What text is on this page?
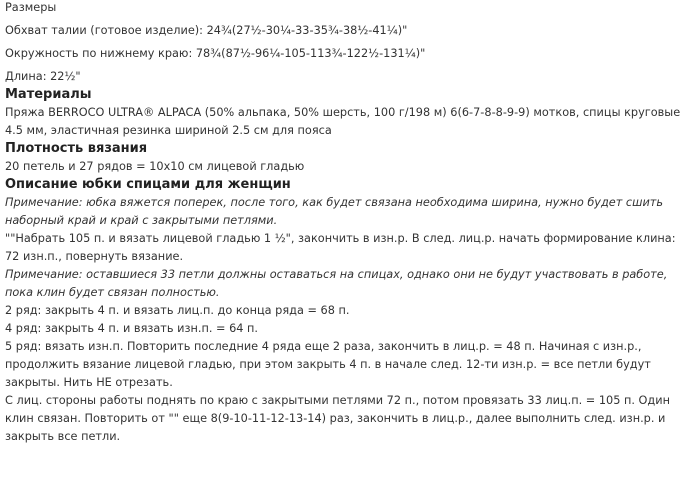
Размеры

Обхват талии (готовое изделие): 24¾(27½-30¼-33-35¾-38½-41¼)"

Окружность по нижнему краю: 78¾(87½-96¼-105-113¾-122½-131¼)"

Длина: 22½"

Материалы

Пряжа BERROCO ULTRA® ALPACA (50% альпака, 50% шерсть, 100 г/198 м) 6(6-7-8-8-9-9) мотков, спицы круговые 4.5 мм, эластичная резинка шириной 2.5 см для пояса

Плотность вязания

20 петель и 27 рядов = 10x10 см лицевой гладью

Описание юбки спицами для женщин

Примечание: юбка вяжется поперек, после того, как будет связана необходима ширина, нужно будет сшить наборный край и край с закрытыми петлями.

""Набрать 105 п. и вязать лицевой гладью 1 ½", закончить в изн.р. В след. лиц.р. начать формирование клина: 72 изн.п., повернуть вязание.

Примечание: оставшиеся 33 петли должны оставаться на спицах, однако они не будут участвовать в работе, пока клин будет связан полностью.

2 ряд: закрыть 4 п. и вязать лиц.п. до конца ряда = 68 п.

4 ряд: закрыть 4 п. и вязать изн.п. = 64 п.

5 ряд: вязать изн.п. Повторить последние 4 ряда еще 2 раза, закончить в лиц.р. = 48 п. Начиная с изн.р., продолжить вязание лицевой гладью, при этом закрыть 4 п. в начале след. 12-ти изн.р. = все петли будут закрыты. Нить НЕ отрезать.

С лиц. стороны работы поднять по краю с закрытыми петлями 72 п., потом провязать 33 лиц.п. = 105 п. Один клин связан. Повторить от "" еще 8(9-10-11-12-13-14) раз, закончить в лиц.р., далее выполнить след. изн.р. и закрыть все петли.
